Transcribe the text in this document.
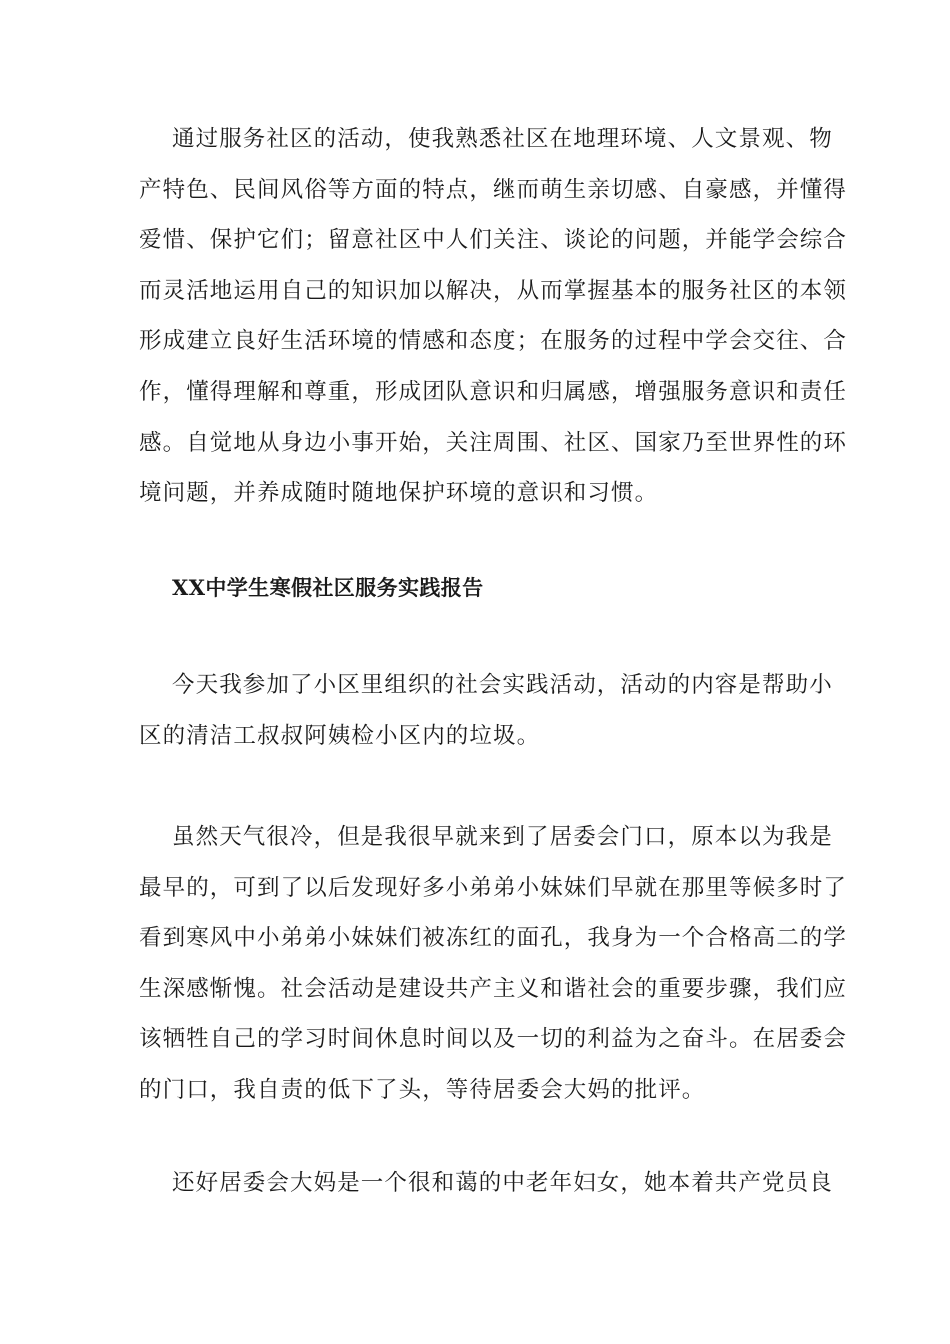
通过服务社区的活动，使我熟悉社区在地理环境、人文景观、物
产特色、民间风俗等方面的特点，继而萌生亲切感、自豪感，并懂得
爱惜、保护它们；留意社区中人们关注、谈论的问题，并能学会综合
而灵活地运用自己的知识加以解决，从而掌握基本的服务社区的本领
形成建立良好生活环境的情感和态度；在服务的过程中学会交往、合
作，懂得理解和尊重，形成团队意识和归属感，增强服务意识和责任
感。自觉地从身边小事开始，关注周围、社区、国家乃至世界性的环
境问题，并养成随时随地保护环境的意识和习惯。
XX中学生寒假社区服务实践报告
今天我参加了小区里组织的社会实践活动，活动的内容是帮助小
区的清洁工叔叔阿姨检小区内的垃圾。
虽然天气很冷，但是我很早就来到了居委会门口，原本以为我是
最早的，可到了以后发现好多小弟弟小妹妹们早就在那里等候多时了
看到寒风中小弟弟小妹妹们被冻红的面孔，我身为一个合格高二的学
生深感惭愧。社会活动是建设共产主义和谐社会的重要步骤，我们应
该牺牲自己的学习时间休息时间以及一切的利益为之奋斗。在居委会
的门口，我自责的低下了头，等待居委会大妈的批评。
还好居委会大妈是一个很和蔼的中老年妇女，她本着共产党员良
